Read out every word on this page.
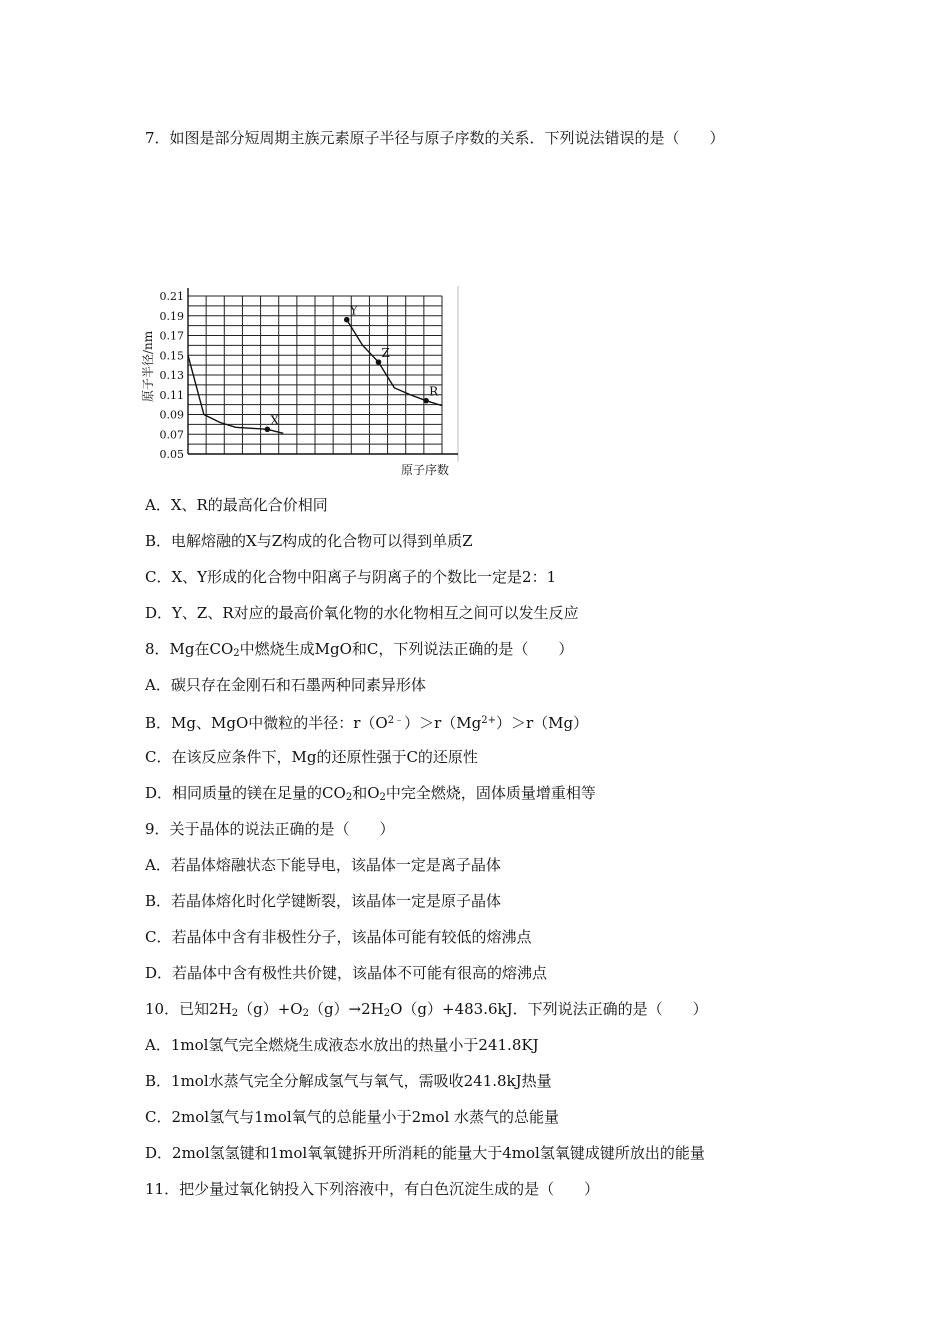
7．如图是部分短周期主族元素原子半径与原子序数的关系．下列说法错误的是（　　）
0.21
0.19
0.17
0.15
0.13
0.11
0.09
0.07
0.05
X
Y
Z
R
原子半径/nm
原子序数
A．X、R的最高化合价相同
B．电解熔融的X与Z构成的化合物可以得到单质Z
C．X、Y形成的化合物中阳离子与阴离子的个数比一定是2：1
D．Y、Z、R对应的最高价氧化物的水化物相互之间可以发生反应
8．Mg在$CO_2$中燃烧生成MgO和C，下列说法正确的是（　　）
A．碳只存在金刚石和石墨两种同素异形体
B．Mg、MgO中微粒的半径：$r(O^{2﹣})>r(Mg^{2+})>r(Mg)$
C．在该反应条件下，Mg的还原性强于C的还原性
D．相同质量的镁在足量的$CO_2$和$O_2$中完全燃烧，固体质量增重相等
9．关于晶体的说法正确的是（　　）
A．若晶体熔融状态下能导电，该晶体一定是离子晶体
B．若晶体熔化时化学键断裂，该晶体一定是原子晶体
C．若晶体中含有非极性分子，该晶体可能有较低的熔沸点
D．若晶体中含有极性共价键，该晶体不可能有很高的熔沸点
10．已知$2H_2(g)+O_2(g)\to 2H_2O(g)+483.6kJ$．下列说法正确的是（　　）
A．1mol氢气完全燃烧生成液态水放出的热量小于241.8KJ
B．1mol水蒸气完全分解成氢气与氧气，需吸收241.8kJ热量
C．2mol氢气与1mol氧气的总能量小于2mol 水蒸气的总能量
D．2mol氢氢键和1mol氧氧键拆开所消耗的能量大于4mol氢氧键成键所放出的能量
11．把少量过氧化钠投入下列溶液中，有白色沉淀生成的是（　　）
